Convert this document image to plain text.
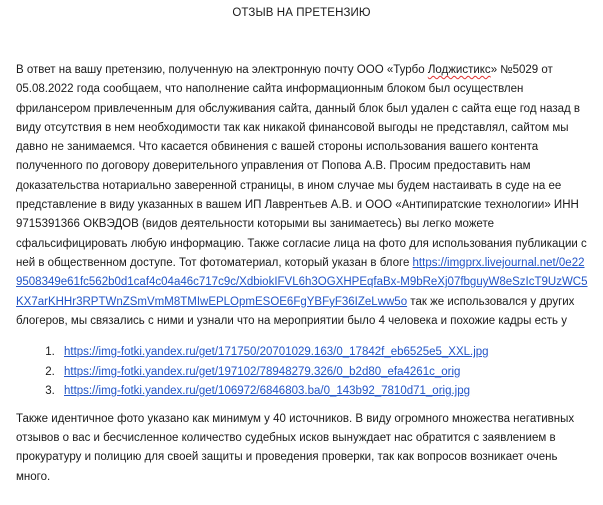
ОТЗЫВ НА ПРЕТЕНЗИЮ

В ответ на вашу претензию, полученную на электронную почту ООО «Турбо Лоджистикс» №5029 от 05.08.2022 года сообщаем, что наполнение сайта информационным блоком был осуществлен фрилансером привлеченным для обслуживания сайта, данный блок был удален с сайта еще год назад в виду отсутствия в нем необходимости так как никакой финансовой выгоды не представлял, сайтом мы давно не занимаемся. Что касается обвинения с вашей стороны использования вашего контента полученного по договору доверительного управления от Попова А.В. Просим предоставить нам доказательства нотариально заверенной страницы, в ином случае мы будем настаивать в суде на ее представление в виду указанных в вашем ИП Лаврентьев А.В. и ООО «Антипиратские технологии» ИНН 9715391366 ОКВЭДОВ (видов деятельности которыми вы занимаетесь) вы легко можете сфальсифицировать любую информацию. Также согласие лица на фото для использования публикации с ней в общественном доступе. Тот фотоматериал, который указан в блоге https://imgprx.livejournal.net/0e229508349e61fc562b0d1caf4c04a46c717c9c/XdbiokIFVL6h3OGXHPEqfaBx-M9bReXj07fbguyW8eSzIcT9UzWC5KX7arKHHr3RPTWnZSmVmM8TMIwEPLOpmESOE6FgYBFyF36IZeLww5o так же использовался у других блогеров, мы связались с ними и узнали что на мероприятии было 4 человека и похожие кадры есть у

1. https://img-fotki.yandex.ru/get/171750/20701029.163/0_17842f_eb6525e5_XXL.jpg
2. https://img-fotki.yandex.ru/get/197102/78948279.326/0_b2d80_efa4261c_orig
3. https://img-fotki.yandex.ru/get/106972/6846803.ba/0_143b92_7810d71_orig.jpg

Также идентичное фото указано как минимум у 40 источников. В виду огромного множества негативных отзывов о вас и бесчисленное количество судебных исков вынуждает нас обратится с заявлением в прокуратуру и полицию для своей защиты и проведения проверки, так как вопросов возникает очень много.
